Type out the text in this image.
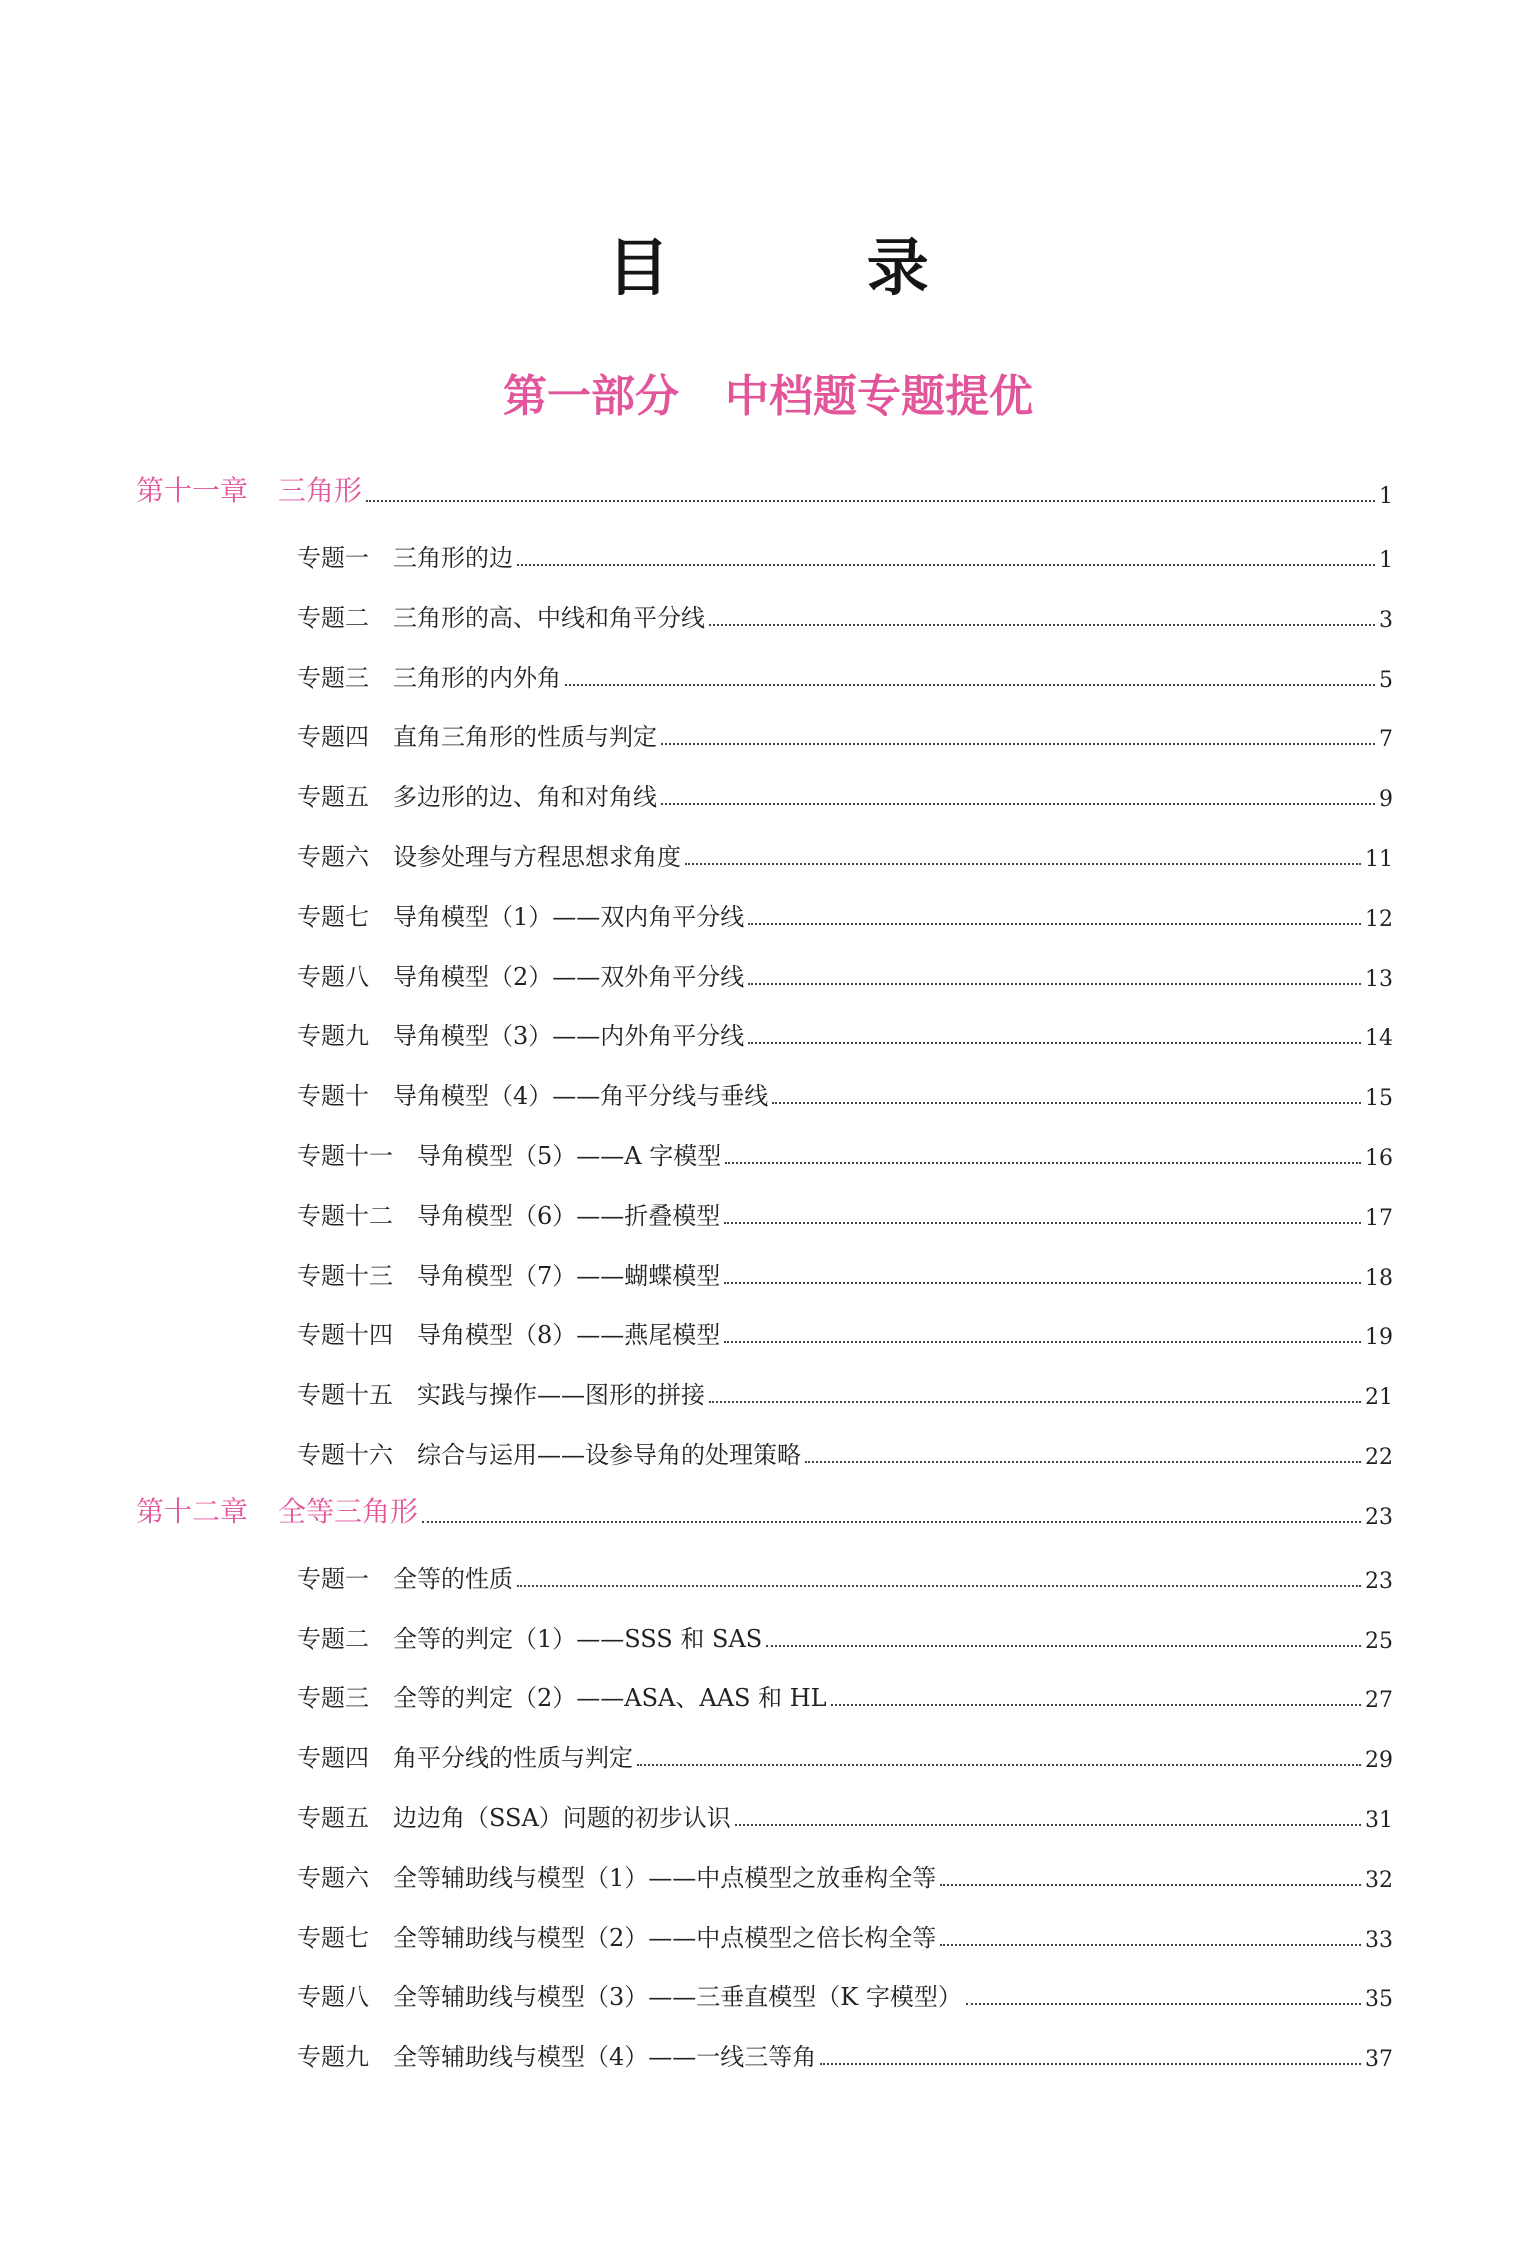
目 录
第一部分   中档题专题提优
第十一章	三角形	1
专题一	三角形的边	1
专题二	三角形的高、中线和角平分线	3
专题三	三角形的内外角	5
专题四	直角三角形的性质与判定	7
专题五	多边形的边、角和对角线	9
专题六	设参处理与方程思想求角度	11
专题七	导角模型（1）——双内角平分线	12
专题八	导角模型（2）——双外角平分线	13
专题九	导角模型（3）——内外角平分线	14
专题十	导角模型（4）——角平分线与垂线	15
专题十一	导角模型（5）——A 字模型	16
专题十二	导角模型（6）——折叠模型	17
专题十三	导角模型（7）——蝴蝶模型	18
专题十四	导角模型（8）——燕尾模型	19
专题十五	实践与操作——图形的拼接	21
专题十六	综合与运用——设参导角的处理策略	22
第十二章	全等三角形	23
专题一	全等的性质	23
专题二	全等的判定（1）——SSS 和 SAS	25
专题三	全等的判定（2）——ASA、AAS 和 HL	27
专题四	角平分线的性质与判定	29
专题五	边边角（SSA）问题的初步认识	31
专题六	全等辅助线与模型（1）——中点模型之放垂构全等	32
专题七	全等辅助线与模型（2）——中点模型之倍长构全等	33
专题八	全等辅助线与模型（3）——三垂直模型（K 字模型）	35
专题九	全等辅助线与模型（4）——一线三等角	37
